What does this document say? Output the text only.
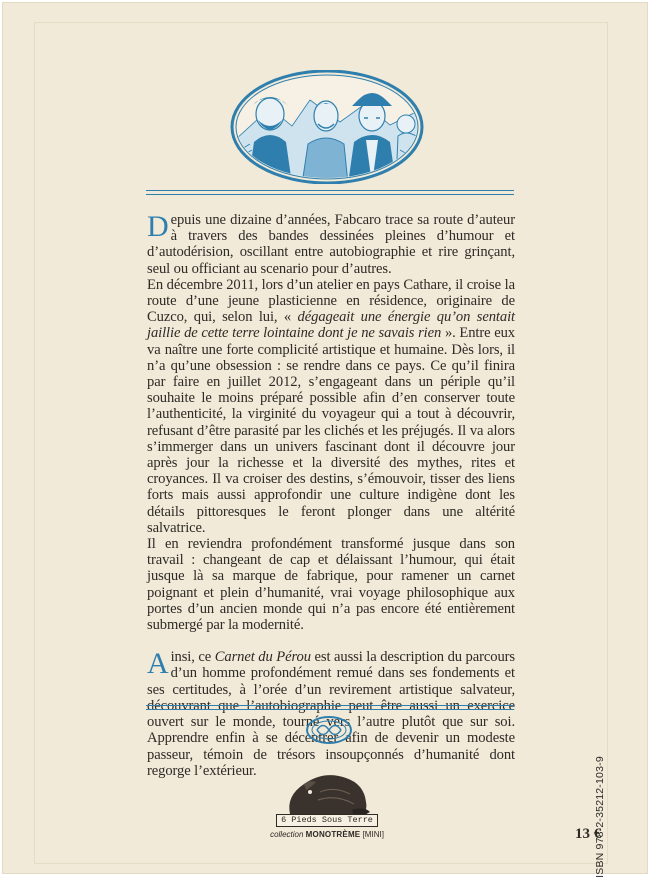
Depuis une dizaine d’années, Fabcaro trace sa route d’auteur à travers des bandes dessinées pleines d’humour et d’autodérision, oscillant entre autobiographie et rire grinçant, seul ou officiant au scenario pour d’autres.

En décembre 2011, lors d’un atelier en pays Cathare, il croise la route d’une jeune plasticienne en résidence, originaire de Cuzco, qui, selon lui, « dégageait une énergie qu’on sentait jaillie de cette terre lointaine dont je ne savais rien ». Entre eux va naître une forte complicité artistique et humaine. Dès lors, il n’a qu’une obsession : se rendre dans ce pays. Ce qu’il finira par faire en juillet 2012, s’engageant dans un périple qu’il souhaite le moins préparé possible afin d’en conserver toute l’authenticité, la virginité du voyageur qui a tout à découvrir, refusant d’être parasité par les clichés et les préjugés. Il va alors s’immerger dans un univers fascinant dont il découvre jour après jour la richesse et la diversité des mythes, rites et croyances. Il va croiser des destins, s’émouvoir, tisser des liens forts mais aussi approfondir une culture indigène dont les détails pittoresques le feront plonger dans une altérité salvatrice.

Il en reviendra profondément transformé jusque dans son travail : changeant de cap et délaissant l’humour, qui était jusque là sa marque de fabrique, pour ramener un carnet poignant et plein d’humanité, vrai voyage philosophique aux portes d’un ancien monde qui n’a pas encore été entièrement submergé par la modernité.

Ainsi, ce Carnet du Pérou est aussi la description du parcours d’un homme profondément remué dans ses fondements et ses certitudes, à l’orée d’un revirement artistique salvateur, découvrant que l’autobiographie peut être aussi un exercice ouvert sur le monde, tourné vers l’autre plutôt que sur soi. Apprendre enfin à se décentrer afin de devenir un modeste passeur, témoin de trésors insoupçonnés d’humanité dont regorge l’extérieur.	ISBN 978-2-35212-103-9
6 Pieds Sous Terre
collection MONOTRÈME [MINI]	13 €
